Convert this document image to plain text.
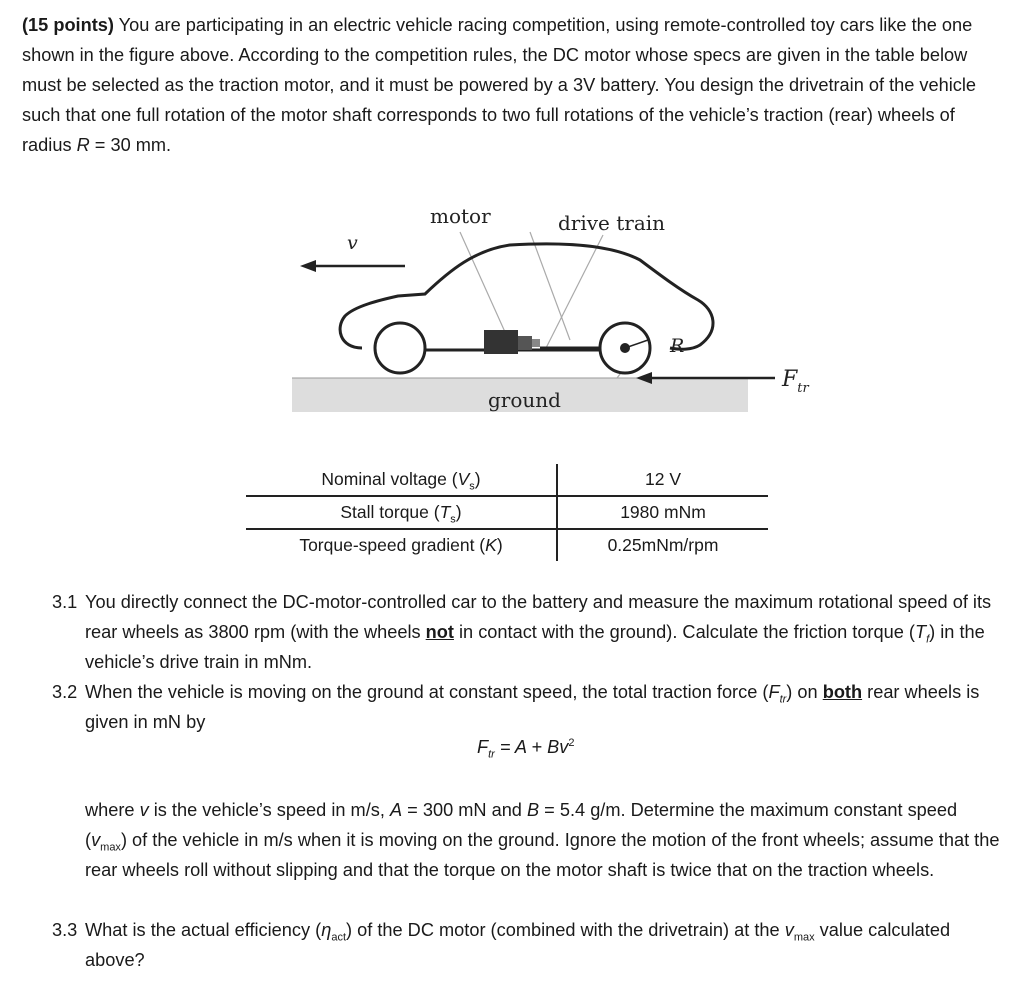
(15 points) You are participating in an electric vehicle racing competition, using remote-controlled toy cars like the one shown in the figure above. According to the competition rules, the DC motor whose specs are given in the table below must be selected as the traction motor, and it must be powered by a 3V battery. You design the drivetrain of the vehicle such that one full rotation of the motor shaft corresponds to two full rotations of the vehicle’s traction (rear) wheels of radius R = 30 mm.
motor	drive train
v
R
ground
$F_{tr}$
Nominal voltage $(V_s)$	12 V
Stall torque $(T_s)$	1980 mNm
Torque-speed gradient (K)	0.25mNm/rpm
3.1 You directly connect the DC-motor-controlled car to the battery and measure the maximum rotational speed of its rear wheels as 3800 rpm (with the wheels not in contact with the ground). Calculate the friction torque $(T_f)$ in the vehicle’s drive train in mNm.
3.2 When the vehicle is moving on the ground at constant speed, the total traction force $(F_{tr})$ on both rear wheels is given in mN by
$F_{tr} = A + Bv^2$
where v is the vehicle’s speed in m/s, A = 300 mN and B = 5.4 g/m. Determine the maximum constant speed $(v_{max})$ of the vehicle in m/s when it is moving on the ground. Ignore the motion of the front wheels; assume that the rear wheels roll without slipping and that the torque on the motor shaft is twice that on the traction wheels.
3.3 What is the actual efficiency $(\eta_{act})$ of the DC motor (combined with the drivetrain) at the $v_{max}$ value calculated above?
